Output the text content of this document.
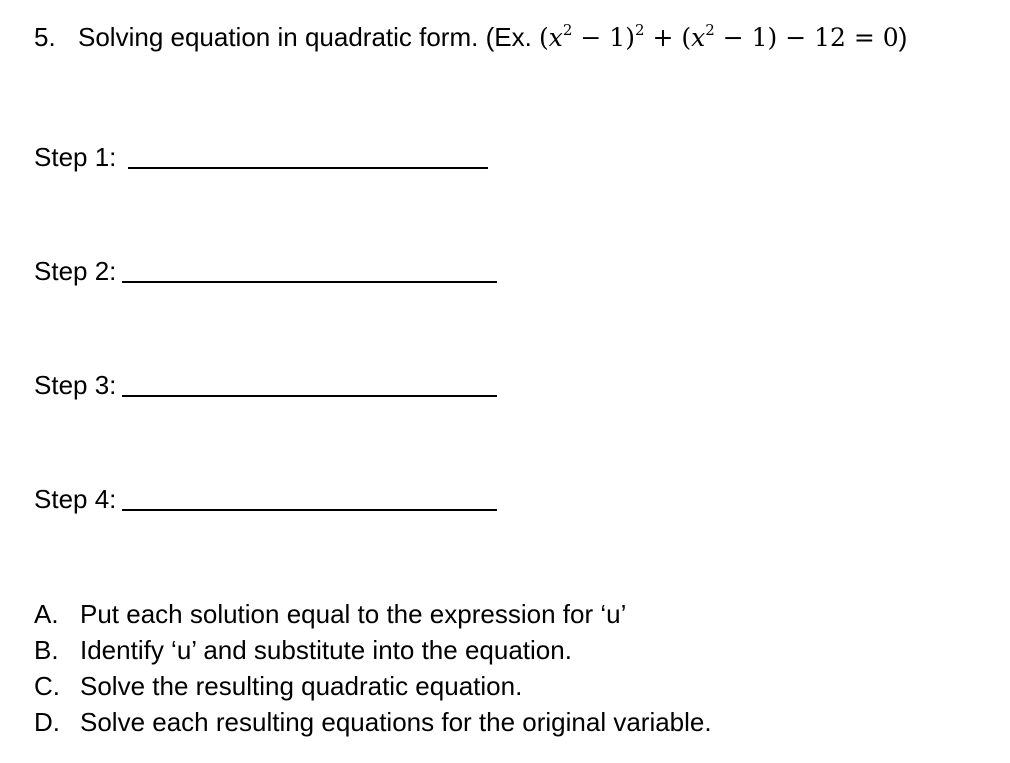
5. Solving equation in quadratic form. (Ex. $(x^2 - 1)^2 + (x^2 - 1) - 12 = 0$)
Step 1:
Step 2:
Step 3:
Step 4:
A. Put each solution equal to the expression for ‘u’
B. Identify ‘u’ and substitute into the equation.
C. Solve the resulting quadratic equation.
D. Solve each resulting equations for the original variable.
